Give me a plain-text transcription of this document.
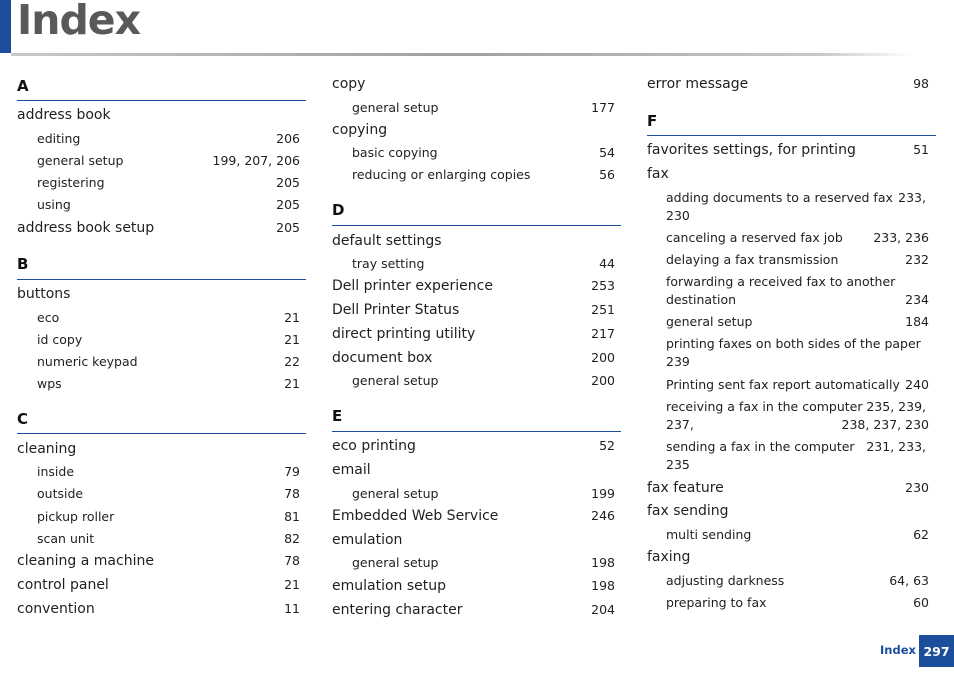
Index
A
address book
editing	206
general setup	199, 207, 206
registering	205
using	205
address book setup	205
B
buttons
eco	21
id copy	21
numeric keypad	22
wps	21
C
cleaning
inside	79
outside	78
pickup roller	81
scan unit	82
cleaning a machine	78
control panel	21
convention	11
copy
general setup	177
copying
basic copying	54
reducing or enlarging copies	56
D
default settings
tray setting	44
Dell printer experience	253
Dell Printer Status	251
direct printing utility	217
document box	200
general setup	200
E
eco printing	52
email
general setup	199
Embedded Web Service	246
emulation
general setup	198
emulation setup	198
entering character	204
error message	98
F
favorites settings, for printing	51
fax
adding documents to a reserved fax 233,
230
canceling a reserved fax job 233, 236
delaying a fax transmission	232
forwarding a received fax to another
destination	234
general setup	184
printing faxes on both sides of the paper
239
Printing sent fax report automatically 240
receiving a fax in the computer 235, 239,
237,	238, 237, 230
sending a fax in the computer 231, 233,
235
fax feature	230
fax sending
multi sending	62
faxing
adjusting darkness	64, 63
preparing to fax	60
Index 297
